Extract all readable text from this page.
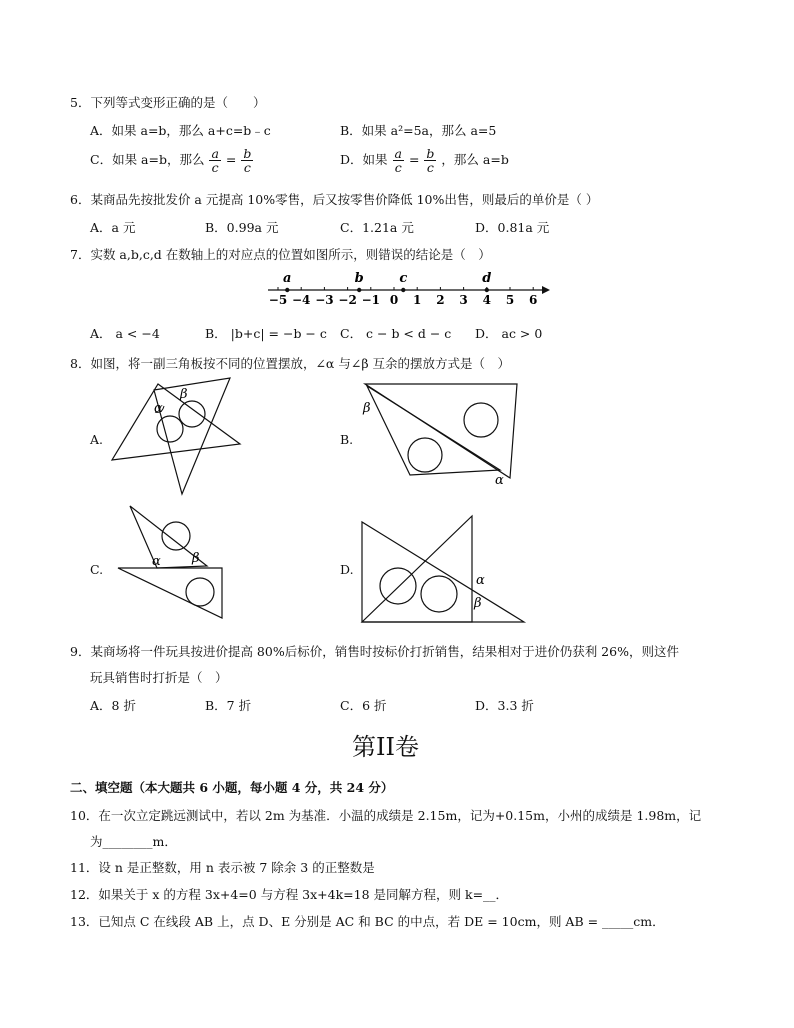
5．下列等式变形正确的是（　　）
A．如果 a=b，那么 a+c=b﹣c	B．如果 a²=5a，那么 a=5
C．如果 a=b，那么 $\frac{a}{c} = \frac{b}{c}$	D．如果 $\frac{a}{c} = \frac{b}{c}$ ，那么 a=b
6．某商品先按批发价 a 元提高 10%零售，后又按零售价降低 10%出售，则最后的单价是（ ）
A．a 元	B．0.99a 元	C．1.21a 元	D．0.81a 元
7．实数 a,b,c,d 在数轴上的对应点的位置如图所示，则错误的结论是（　）
−5 −4 −3 −2 −1 0 1 2 3 4 5 6
a	b	c	d
A． a < −4	B． |b+c| = −b − c C． c − b < d − c D． ac > 0
8．如图，将一副三角板按不同的位置摆放，∠α 与∠β 互余的摆放方式是（　）
A.
α
β
B.
β
α
C.
α β
D.
α
β
9．某商场将一件玩具按进价提高 80%后标价，销售时按标价打折销售，结果相对于进价仍获利 26%，则这件
玩具销售时打折是（　）
A．8 折	B．7 折	C．6 折	D．3.3 折
第II卷
二、填空题（本大题共 6 小题，每小题 4 分，共 24 分）
10．在一次立定跳远测试中，若以 2m 为基准．小温的成绩是 2.15m，记为+0.15m，小州的成绩是 1.98m，记
为________m．
11．设 n 是正整数，用 n 表示被 7 除余 3 的正整数是
12．如果关于 x 的方程 3x+4=0 与方程 3x+4k=18 是同解方程，则 k=__．
13．已知点 C 在线段 AB 上，点 D、E 分别是 AC 和 BC 的中点，若 DE = 10cm，则 AB = _____cm．
